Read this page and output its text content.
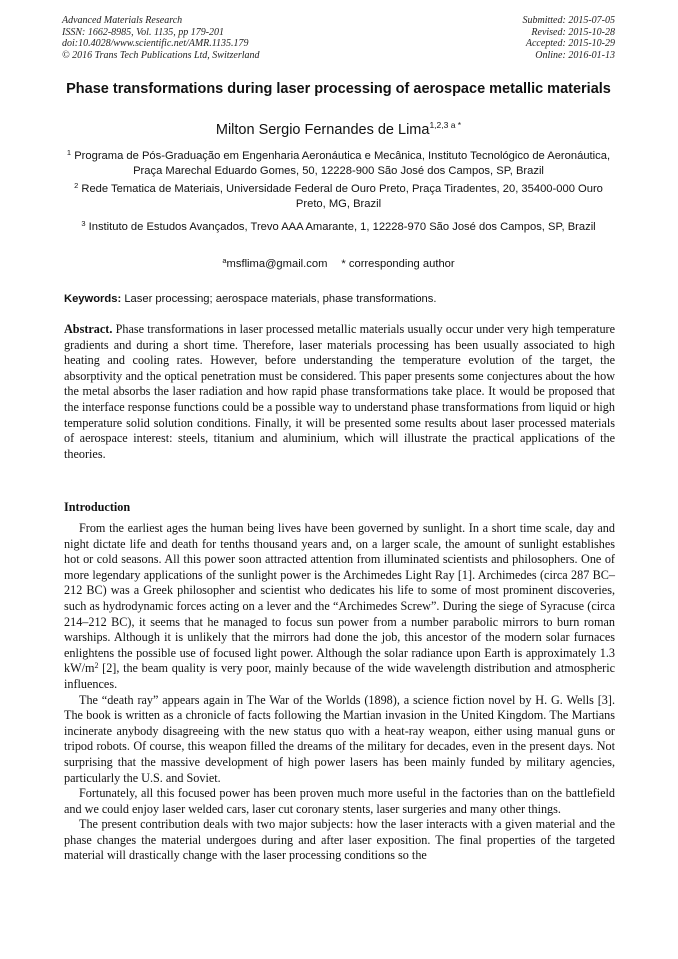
Advanced Materials Research
ISSN: 1662-8985, Vol. 1135, pp 179-201
doi:10.4028/www.scientific.net/AMR.1135.179
© 2016 Trans Tech Publications Ltd, Switzerland
Submitted: 2015-07-05
Revised: 2015-10-28
Accepted: 2015-10-29
Online: 2016-01-13
Phase transformations during laser processing of aerospace metallic materials
Milton Sergio Fernandes de Lima$^{1,2,3 a *}$
$^1$ Programa de Pós-Graduação em Engenharia Aeronáutica e Mecânica, Instituto Tecnológico de Aeronáutica, Praça Marechal Eduardo Gomes, 50, 12228-900 São José dos Campos, SP, Brazil
$^2$ Rede Tematica de Materiais, Universidade Federal de Ouro Preto, Praça Tiradentes, 20, 35400-000 Ouro Preto, MG, Brazil
$^3$ Instituto de Estudos Avançados, Trevo AAA Amarante, 1, 12228-970 São José dos Campos, SP, Brazil
$^a$msflima@gmail.com * corresponding author
Keywords: Laser processing; aerospace materials, phase transformations.
Abstract. Phase transformations in laser processed metallic materials usually occur under very high temperature gradients and during a short time. Therefore, laser materials processing has been usually associated to high heating and cooling rates. However, before understanding the temperature evolution of the target, the absorptivity and the optical penetration must be considered. This paper presents some conjectures about the how the metal absorbs the laser radiation and how rapid phase transformations take place. It would be proposed that the interface response functions could be a possible way to understand phase transformations from liquid or high temperature solid solution conditions. Finally, it will be presented some results about laser processed materials of aerospace interest: steels, titanium and aluminium, which will illustrate the practical applications of the theories.
Introduction

From the earliest ages the human being lives have been governed by sunlight. In a short time scale, day and night dictate life and death for tenths thousand years and, on a larger scale, the amount of sunlight establishes hot or cold seasons. All this power soon attracted attention from illuminated scientists and philosophers. One of more legendary applications of the sunlight power is the Archimedes Light Ray [1]. Archimedes (circa 287 BC–212 BC) was a Greek philosopher and scientist who dedicates his life to some of most prominent discoveries, such as hydrodynamic forces acting on a lever and the “Archimedes Screw”. During the siege of Syracuse (circa 214–212 BC), it seems that he managed to focus sun power from a number parabolic mirrors to burn roman warships. Although it is unlikely that the mirrors had done the job, this ancestor of the modern solar furnaces enlightens the possible use of focused light power. Although the solar radiance upon Earth is approximately 1.3 $kW/m^2$ [2], the beam quality is very poor, mainly because of the wide wavelength distribution and atmospheric influences.

The “death ray” appears again in The War of the Worlds (1898), a science fiction novel by H. G. Wells [3]. The book is written as a chronicle of facts following the Martian invasion in the United Kingdom. The Martians incinerate anybody disagreeing with the new status quo with a heat-ray weapon, either using manual guns or tripod robots. Of course, this weapon filled the dreams of the military for decades, even in the present days. Not surprising that the massive development of high power lasers has been mainly funded by military agencies, particularly the U.S. and Soviet.

Fortunately, all this focused power has been proven much more useful in the factories than on the battlefield and we could enjoy laser welded cars, laser cut coronary stents, laser surgeries and many other things.

The present contribution deals with two major subjects: how the laser interacts with a given material and the phase changes the material undergoes during and after laser exposition. The final properties of the targeted material will drastically change with the laser processing conditions so the
